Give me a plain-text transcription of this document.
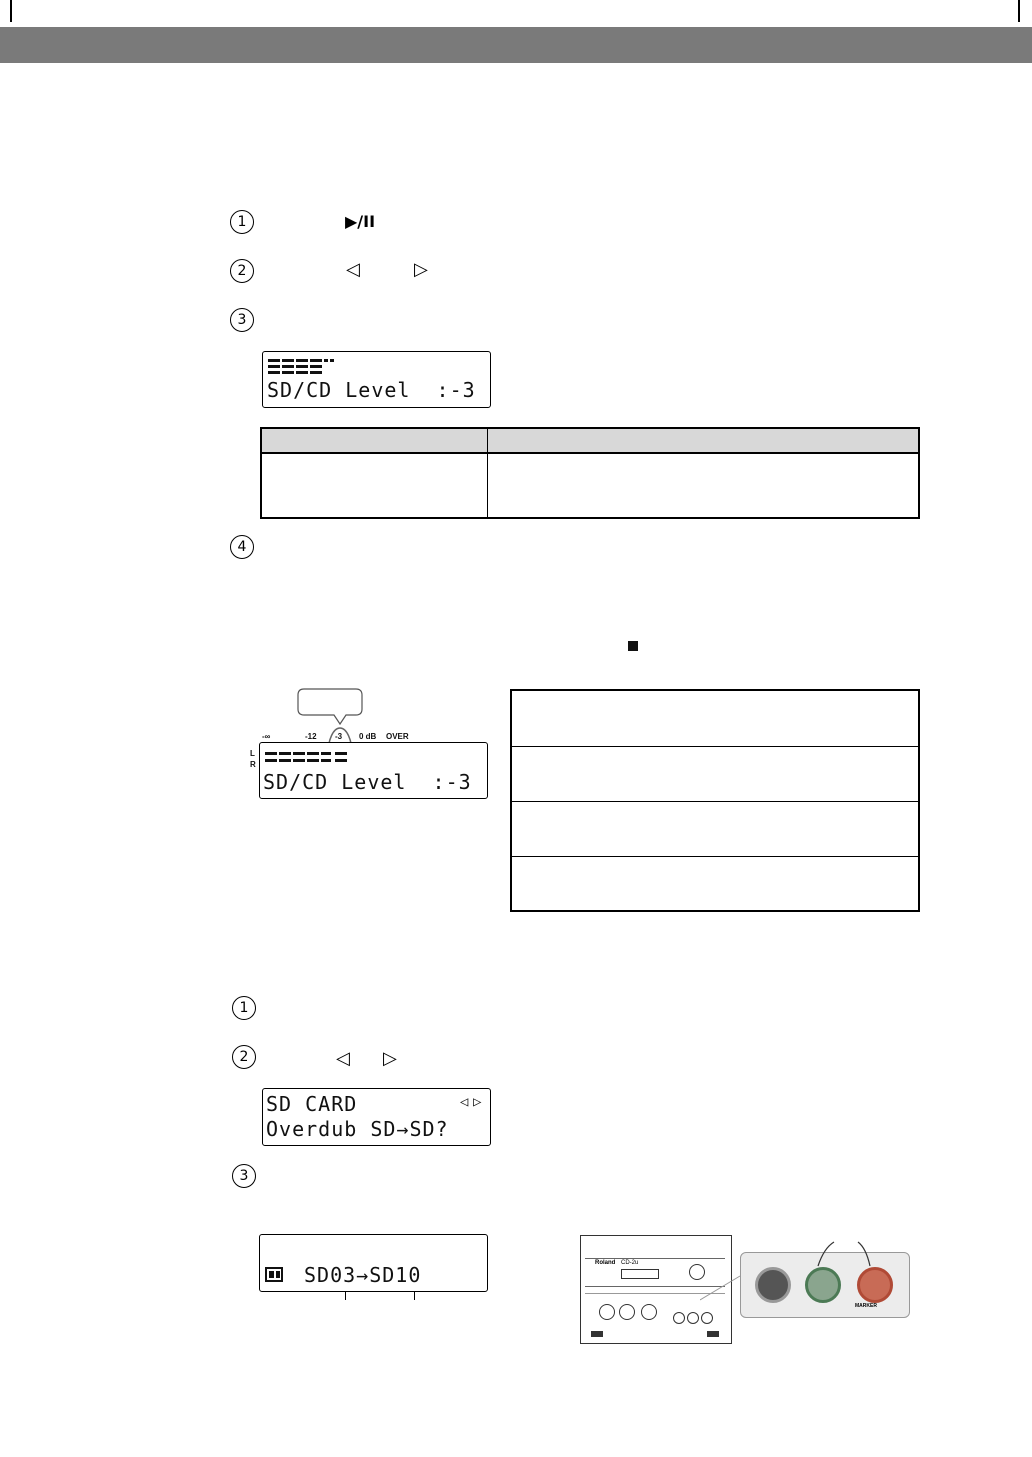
1	▶/II
2	◁	▷
3
SD/CD Level  :-3
4
-∞	-12 -3 0 dB OVER
L
R
SD/CD Level  :-3
1
2	◁ ▷
SD CARD	◁ ▷
Overdub SD→SD?
3
SD03→SD10	Roland CD-2u
MARKER
